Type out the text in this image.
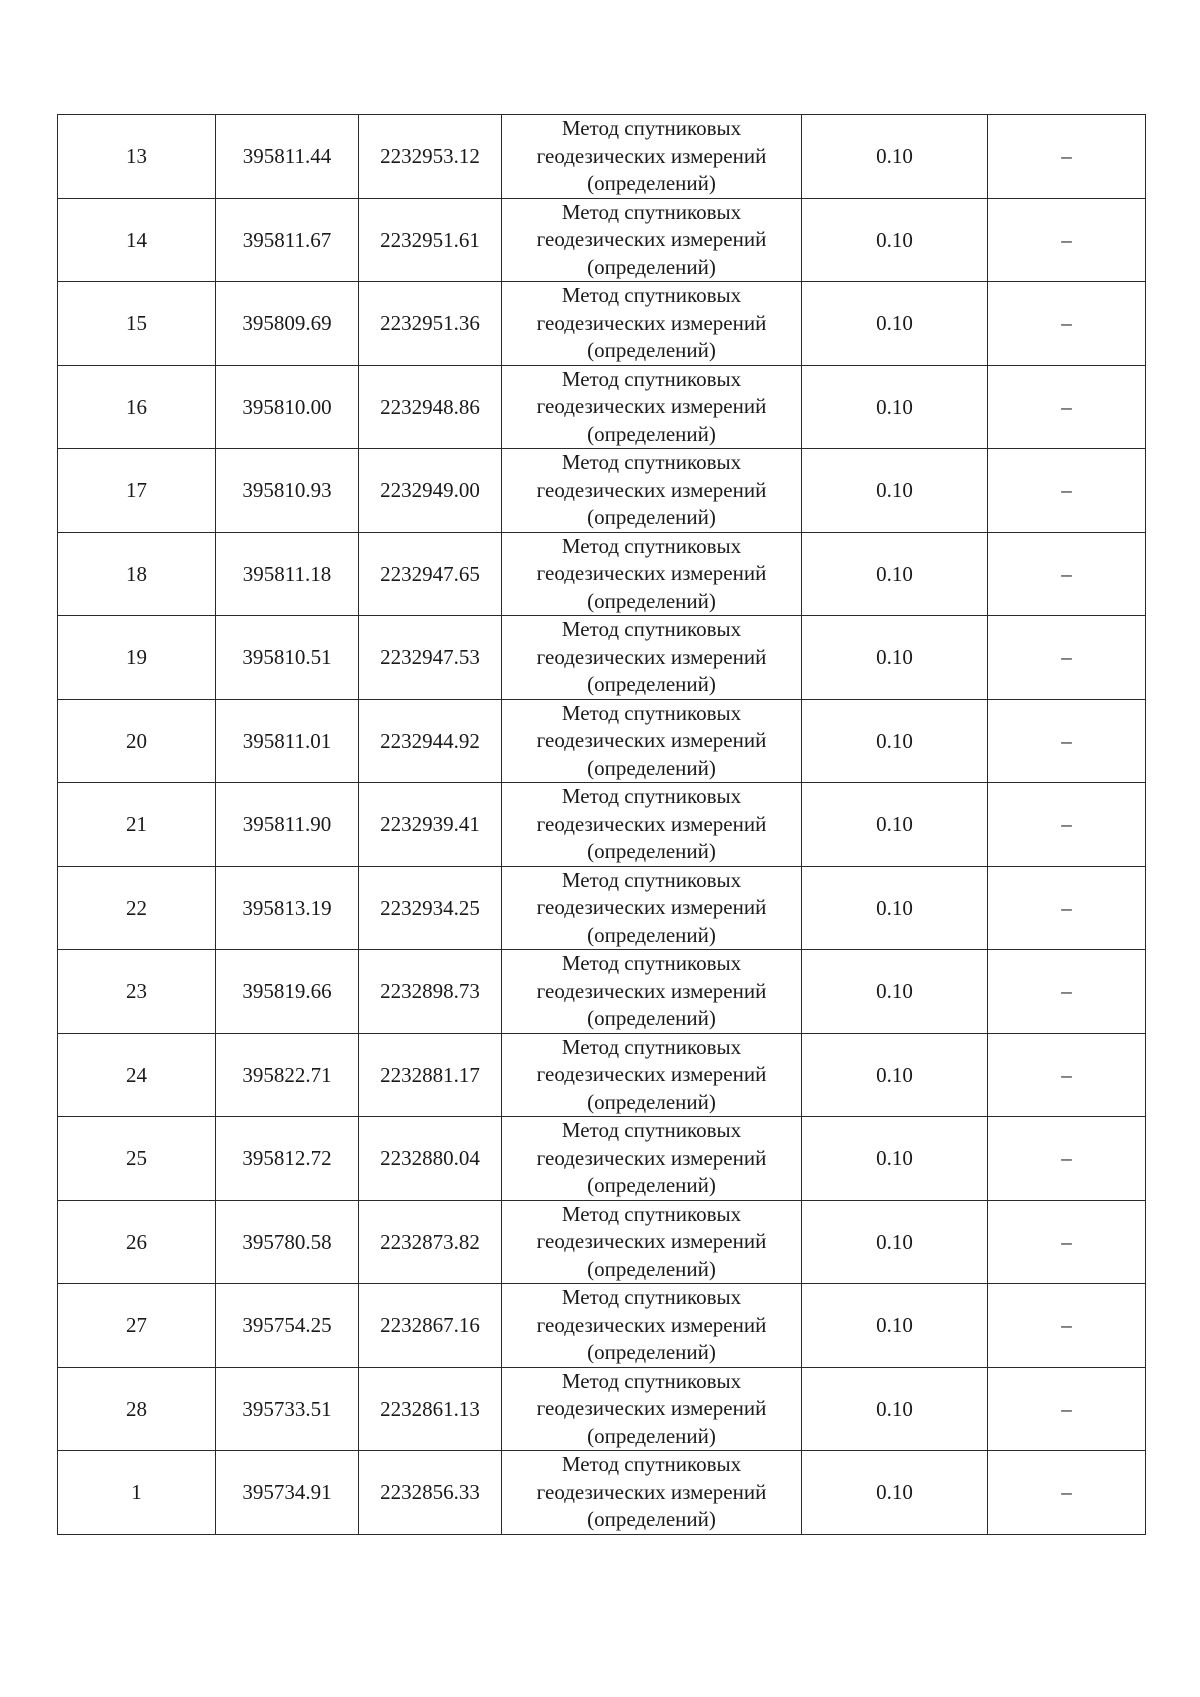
13	395811.44	2232953.12	Метод спутниковых
геодезических измерений
(определений)	0.10	–
14	395811.67	2232951.61	Метод спутниковых
геодезических измерений
(определений)	0.10	–
15	395809.69	2232951.36	Метод спутниковых
геодезических измерений
(определений)	0.10	–
16	395810.00	2232948.86	Метод спутниковых
геодезических измерений
(определений)	0.10	–
17	395810.93	2232949.00	Метод спутниковых
геодезических измерений
(определений)	0.10	–
18	395811.18	2232947.65	Метод спутниковых
геодезических измерений
(определений)	0.10	–
19	395810.51	2232947.53	Метод спутниковых
геодезических измерений
(определений)	0.10	–
20	395811.01	2232944.92	Метод спутниковых
геодезических измерений
(определений)	0.10	–
21	395811.90	2232939.41	Метод спутниковых
геодезических измерений
(определений)	0.10	–
22	395813.19	2232934.25	Метод спутниковых
геодезических измерений
(определений)	0.10	–
23	395819.66	2232898.73	Метод спутниковых
геодезических измерений
(определений)	0.10	–
24	395822.71	2232881.17	Метод спутниковых
геодезических измерений
(определений)	0.10	–
25	395812.72	2232880.04	Метод спутниковых
геодезических измерений
(определений)	0.10	–
26	395780.58	2232873.82	Метод спутниковых
геодезических измерений
(определений)	0.10	–
27	395754.25	2232867.16	Метод спутниковых
геодезических измерений
(определений)	0.10	–
28	395733.51	2232861.13	Метод спутниковых
геодезических измерений
(определений)	0.10	–
1	395734.91	2232856.33	Метод спутниковых
геодезических измерений
(определений)	0.10	–
